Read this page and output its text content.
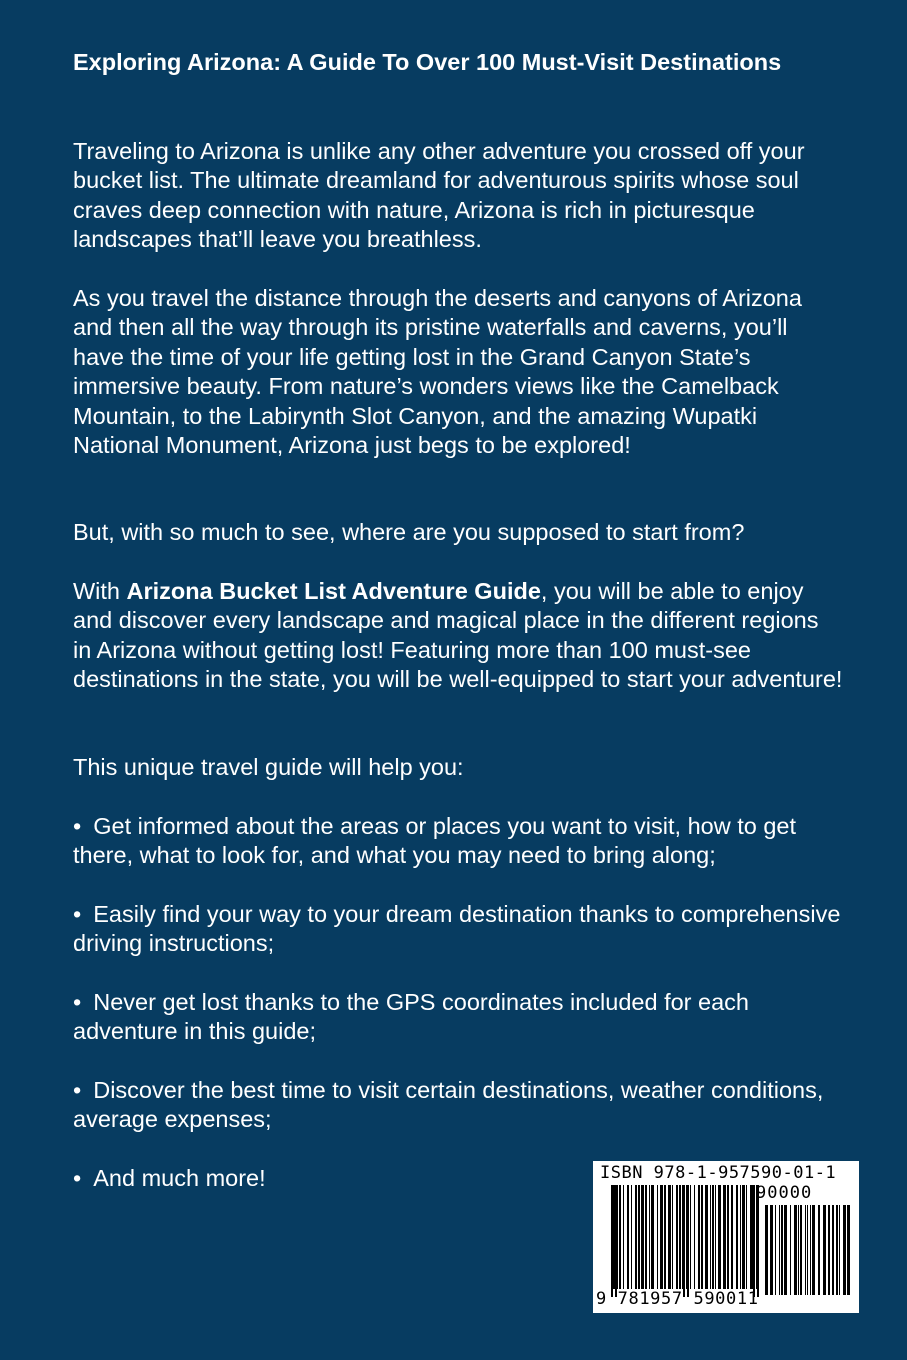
Exploring Arizona: A Guide To Over 100 Must-Visit Destinations

Traveling to Arizona is unlike any other adventure you crossed off your bucket list. The ultimate dreamland for adventurous spirits whose soul craves deep connection with nature, Arizona is rich in picturesque landscapes that’ll leave you breathless.

As you travel the distance through the deserts and canyons of Arizona and then all the way through its pristine waterfalls and caverns, you’ll have the time of your life getting lost in the Grand Canyon State’s immersive beauty. From nature’s wonders views like the Camelback Mountain, to the Labirynth Slot Canyon, and the amazing Wupatki National Monument, Arizona just begs to be explored!

But, with so much to see, where are you supposed to start from?

With Arizona Bucket List Adventure Guide, you will be able to enjoy and discover every landscape and magical place in the different regions in Arizona without getting lost! Featuring more than 100 must-see destinations in the state, you will be well-equipped to start your adventure!

This unique travel guide will help you:

• Get informed about the areas or places you want to visit, how to get there, what to look for, and what you may need to bring along;

• Easily find your way to your dream destination thanks to comprehensive driving instructions;

• Never get lost thanks to the GPS coordinates included for each adventure in this guide;

• Discover the best time to visit certain destinations, weather conditions, average expenses;

• And much more!	ISBN 978-1-957590-01-1
90000
9 781957 590011
